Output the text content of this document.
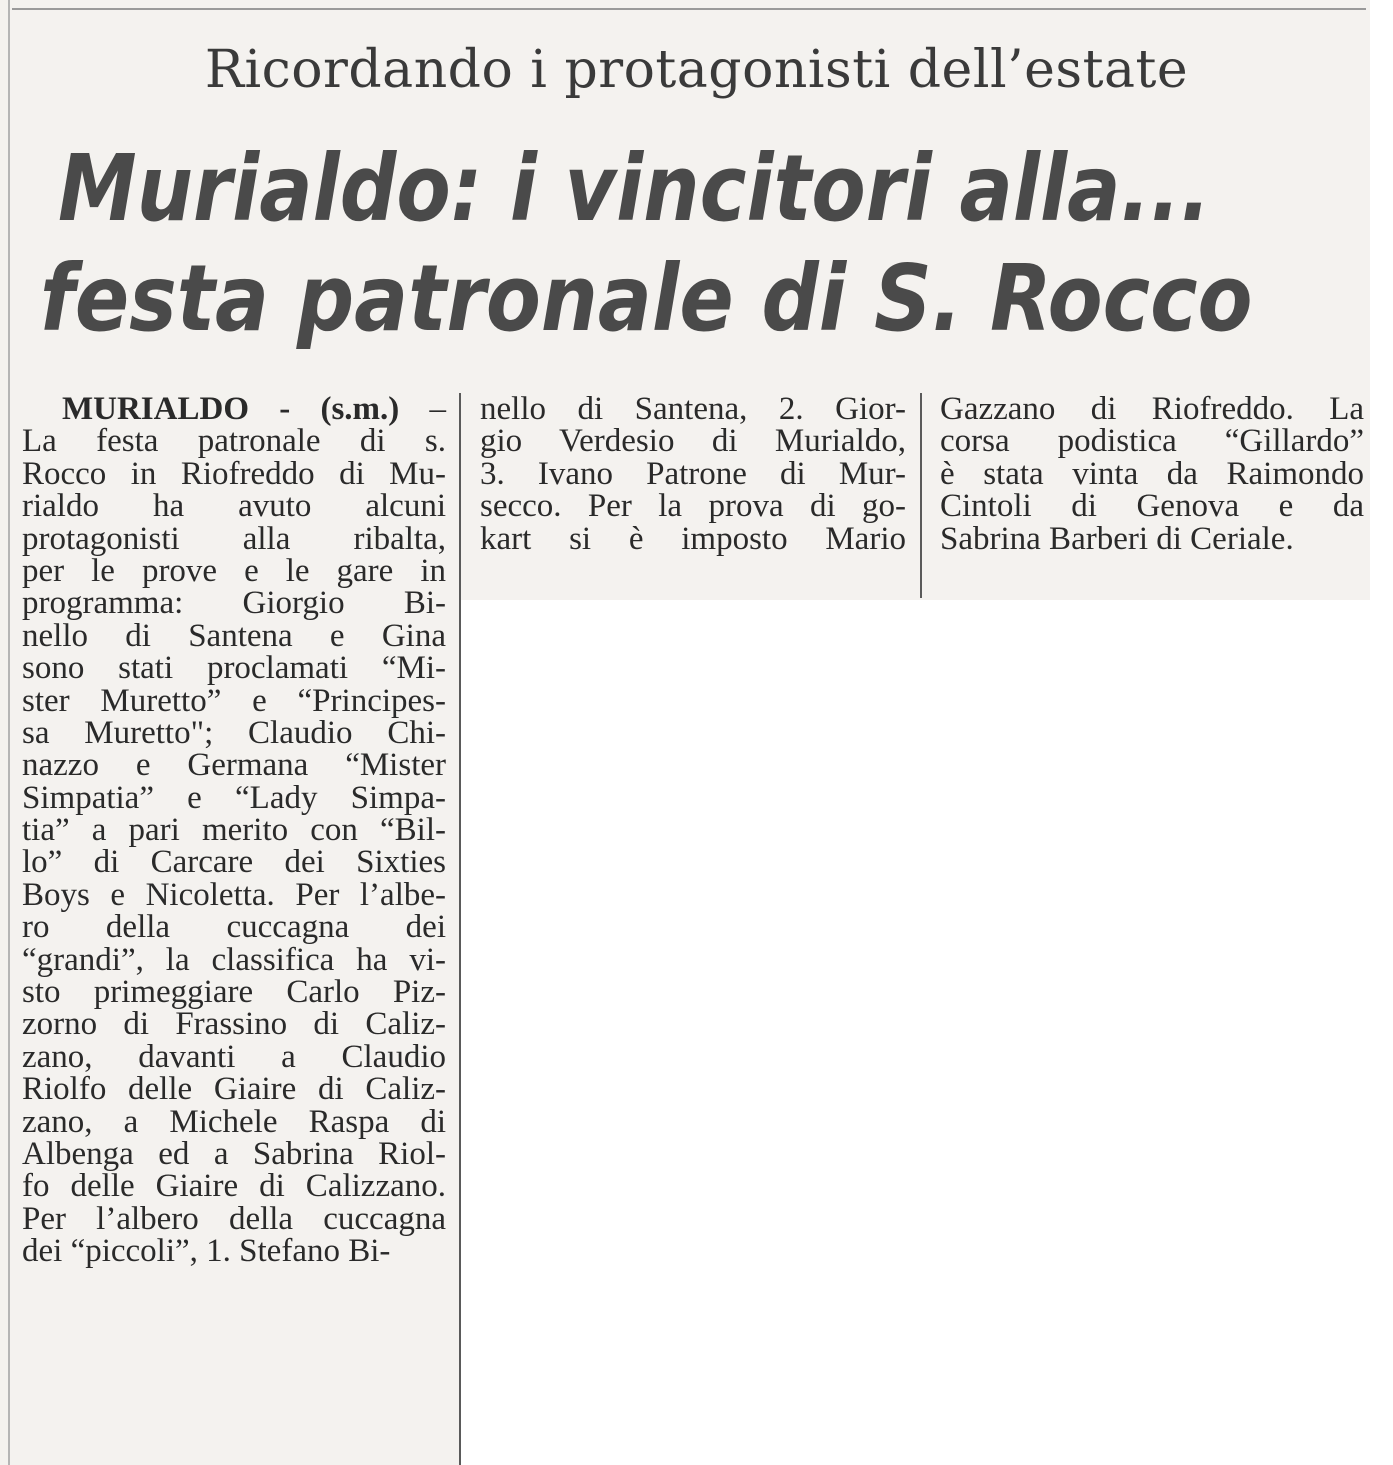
Ricordando i protagonisti dell’estate
Murialdo: i vincitori alla...
festa patronale di S. Rocco
MURIALDO - (s.m.) –
La festa patronale di s.
Rocco in Riofreddo di Mu-
rialdo ha avuto alcuni
protagonisti alla ribalta,
per le prove e le gare in
programma: Giorgio Bi-
nello di Santena e Gina
sono stati proclamati “Mi-
ster Muretto” e “Principes-
sa Muretto"; Claudio Chi-
nazzo e Germana “Mister
Simpatia” e “Lady Simpa-
tia” a pari merito con “Bil-
lo” di Carcare dei Sixties
Boys e Nicoletta. Per l’albe-
ro della cuccagna dei
“grandi”, la classifica ha vi-
sto primeggiare Carlo Piz-
zorno di Frassino di Caliz-
zano, davanti a Claudio
Riolfo delle Giaire di Caliz-
zano, a Michele Raspa di
Albenga ed a Sabrina Riol-
fo delle Giaire di Calizzano.
Per l’albero della cuccagna
dei “piccoli”, 1. Stefano Bi-
nello di Santena, 2. Gior-
gio Verdesio di Murialdo,
3. Ivano Patrone di Mur-
secco. Per la prova di go-
kart si è imposto Mario
Gazzano di Riofreddo. La
corsa podistica “Gillardo”
è stata vinta da Raimondo
Cintoli di Genova e da
Sabrina Barberi di Ceriale.
